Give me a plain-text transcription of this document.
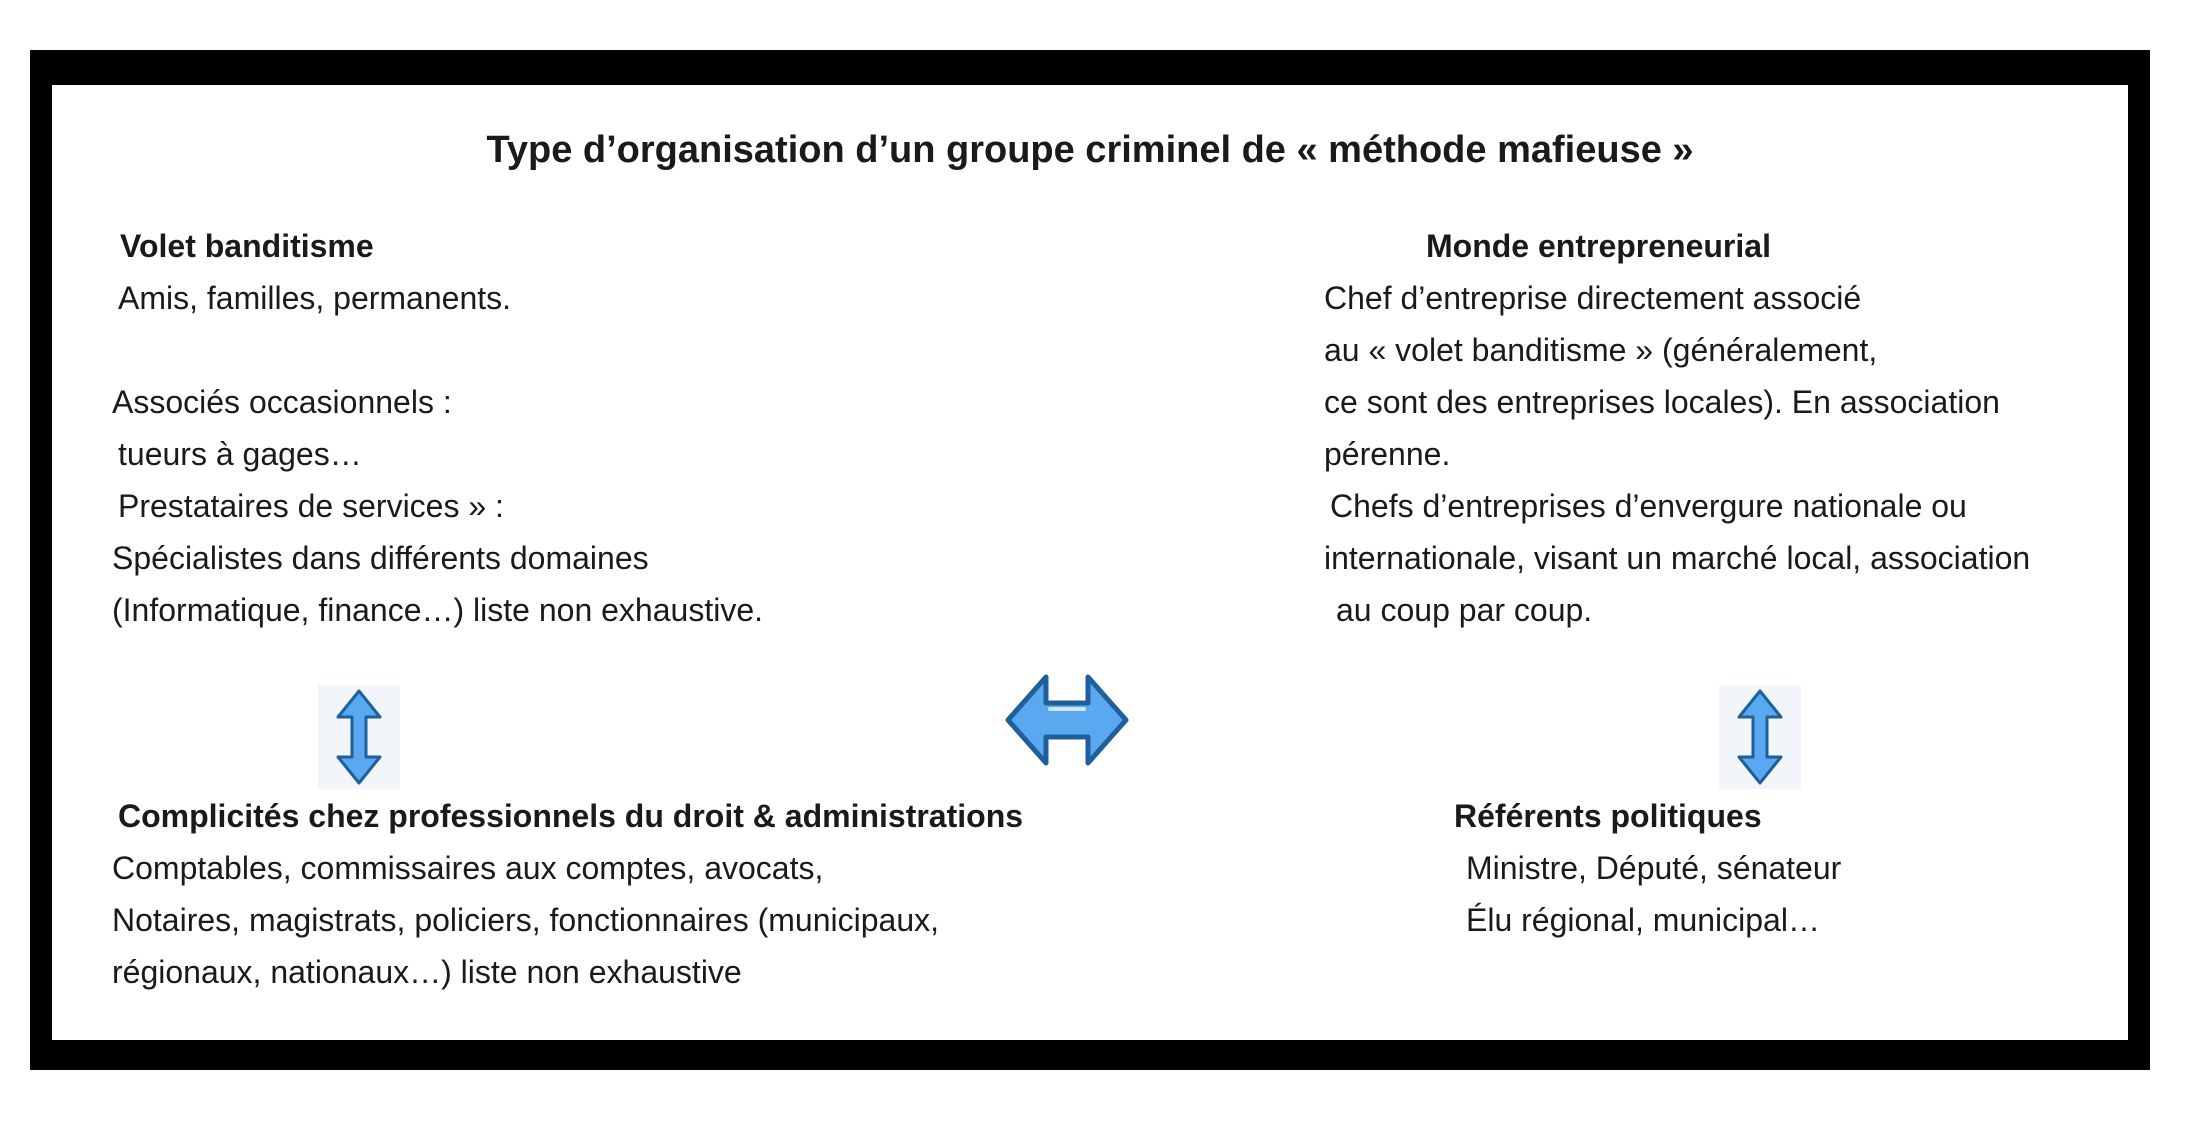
Type d’organisation d’un groupe criminel de « méthode mafieuse »
Volet banditisme
Amis, familles, permanents.
Associés occasionnels :
tueurs à gages…
Prestataires de services » :
Spécialistes dans différents domaines
(Informatique, finance…) liste non exhaustive.
Monde entrepreneurial
Chef d’entreprise directement associé
au « volet banditisme » (généralement,
ce sont des entreprises locales). En association
pérenne.
Chefs d’entreprises d’envergure nationale ou
internationale, visant un marché local, association
au coup par coup.
Complicités chez professionnels du droit & administrations
Comptables, commissaires aux comptes, avocats,
Notaires, magistrats, policiers, fonctionnaires (municipaux,
régionaux, nationaux…) liste non exhaustive
Référents politiques
Ministre, Député, sénateur
Élu régional, municipal…
